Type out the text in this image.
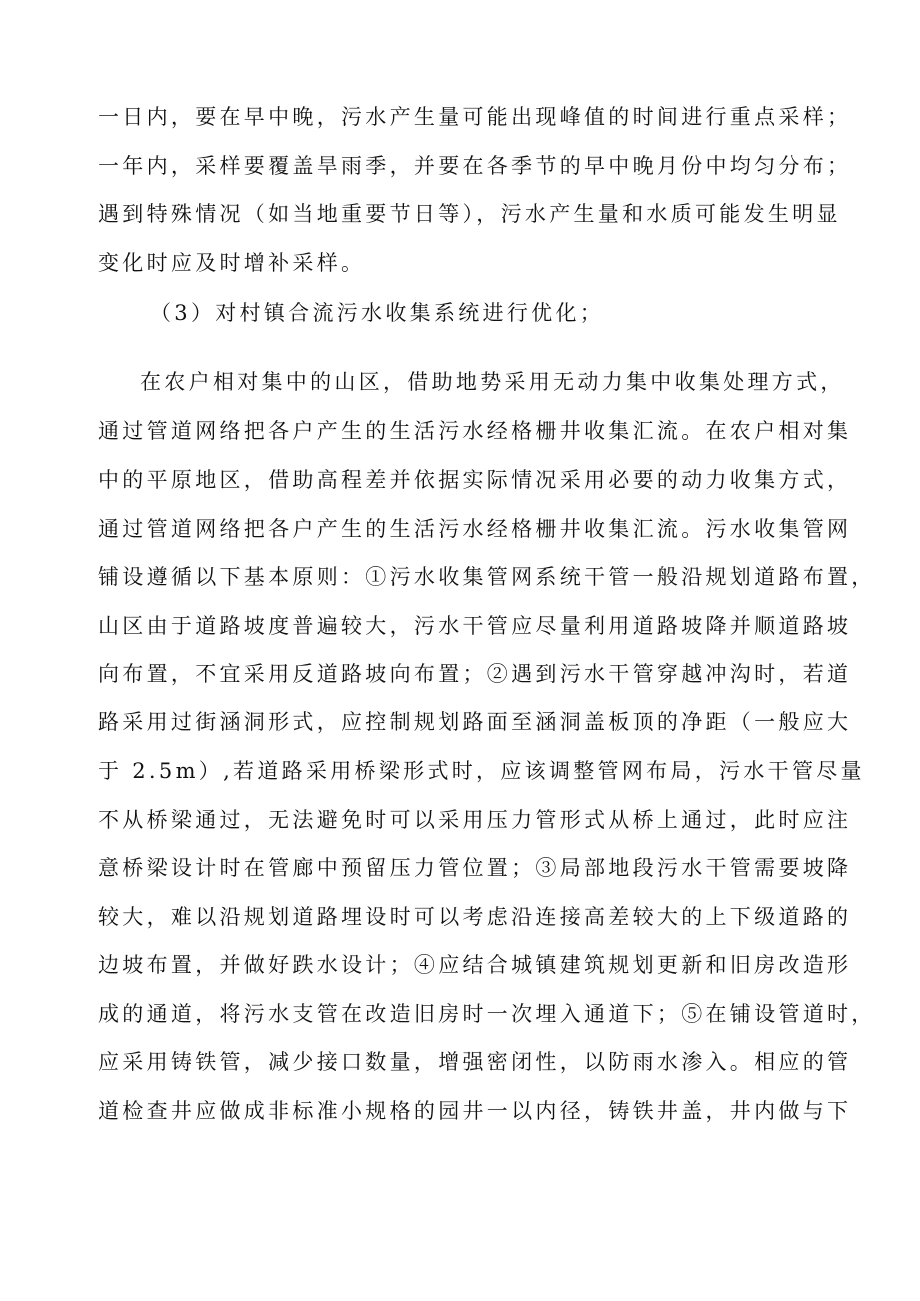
一日内，要在早中晚，污水产生量可能出现峰值的时间进行重点采样；
一年内，采样要覆盖旱雨季，并要在各季节的早中晚月份中均匀分布；
遇到特殊情况（如当地重要节日等），污水产生量和水质可能发生明显
变化时应及时增补采样。
（3）对村镇合流污水收集系统进行优化；
在农户相对集中的山区，借助地势采用无动力集中收集处理方式，
通过管道网络把各户产生的生活污水经格栅井收集汇流。在农户相对集
中的平原地区，借助高程差并依据实际情况采用必要的动力收集方式，
通过管道网络把各户产生的生活污水经格栅井收集汇流。污水收集管网
铺设遵循以下基本原则：①污水收集管网系统干管一般沿规划道路布置，
山区由于道路坡度普遍较大，污水干管应尽量利用道路坡降并顺道路坡
向布置，不宜采用反道路坡向布置；②遇到污水干管穿越冲沟时，若道
路采用过街涵洞形式，应控制规划路面至涵洞盖板顶的净距（一般应大
于 2.5m）,若道路采用桥梁形式时，应该调整管网布局，污水干管尽量
不从桥梁通过，无法避免时可以采用压力管形式从桥上通过，此时应注
意桥梁设计时在管廊中预留压力管位置；③局部地段污水干管需要坡降
较大，难以沿规划道路埋设时可以考虑沿连接高差较大的上下级道路的
边坡布置，并做好跌水设计；④应结合城镇建筑规划更新和旧房改造形
成的通道，将污水支管在改造旧房时一次埋入通道下；⑤在铺设管道时，
应采用铸铁管，减少接口数量，增强密闭性，以防雨水渗入。相应的管
道检查井应做成非标准小规格的园井一以内径，铸铁井盖，井内做与下
